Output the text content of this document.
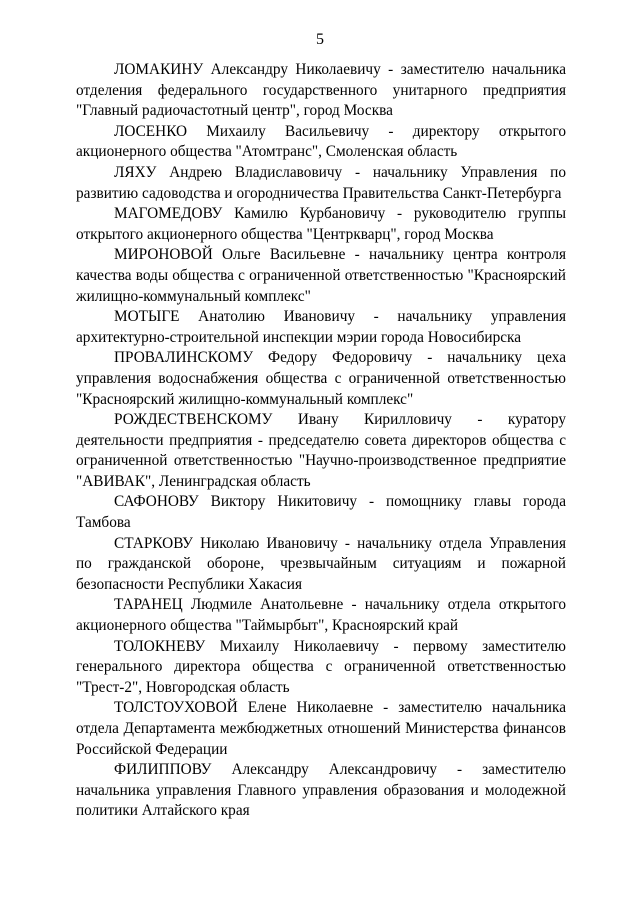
5

ЛОМАКИНУ Александру Николаевичу - заместителю начальника отделения федерального государственного унитарного предприятия "Главный радиочастотный центр", город Москва

ЛОСЕНКО Михаилу Васильевичу - директору открытого акционерного общества "Атомтранс", Смоленская область

ЛЯХУ Андрею Владиславовичу - начальнику Управления по развитию садоводства и огородничества Правительства Санкт-Петербурга

МАГОМЕДОВУ Камилю Курбановичу - руководителю группы открытого акционерного общества "Центркварц", город Москва

МИРОНОВОЙ Ольге Васильевне - начальнику центра контроля качества воды общества с ограниченной ответственностью "Красноярский жилищно-коммунальный комплекс"

МОТЫГЕ Анатолию Ивановичу - начальнику управления архитектурно-строительной инспекции мэрии города Новосибирска

ПРОВАЛИНСКОМУ Федору Федоровичу - начальнику цеха управления водоснабжения общества с ограниченной ответственностью "Красноярский жилищно-коммунальный комплекс"

РОЖДЕСТВЕНСКОМУ Ивану Кирилловичу - куратору деятельности предприятия - председателю совета директоров общества с ограниченной ответственностью "Научно-производственное предприятие "АВИВАК", Ленинградская область

САФОНОВУ Виктору Никитовичу - помощнику главы города Тамбова

СТАРКОВУ Николаю Ивановичу - начальнику отдела Управления по гражданской обороне, чрезвычайным ситуациям и пожарной безопасности Республики Хакасия

ТАРАНЕЦ Людмиле Анатольевне - начальнику отдела открытого акционерного общества "Таймырбыт", Красноярский край

ТОЛОКНЕВУ Михаилу Николаевичу - первому заместителю генерального директора общества с ограниченной ответственностью "Трест-2", Новгородская область

ТОЛСТОУХОВОЙ Елене Николаевне - заместителю начальника отдела Департамента межбюджетных отношений Министерства финансов Российской Федерации

ФИЛИППОВУ Александру Александровичу - заместителю начальника управления Главного управления образования и молодежной политики Алтайского края
